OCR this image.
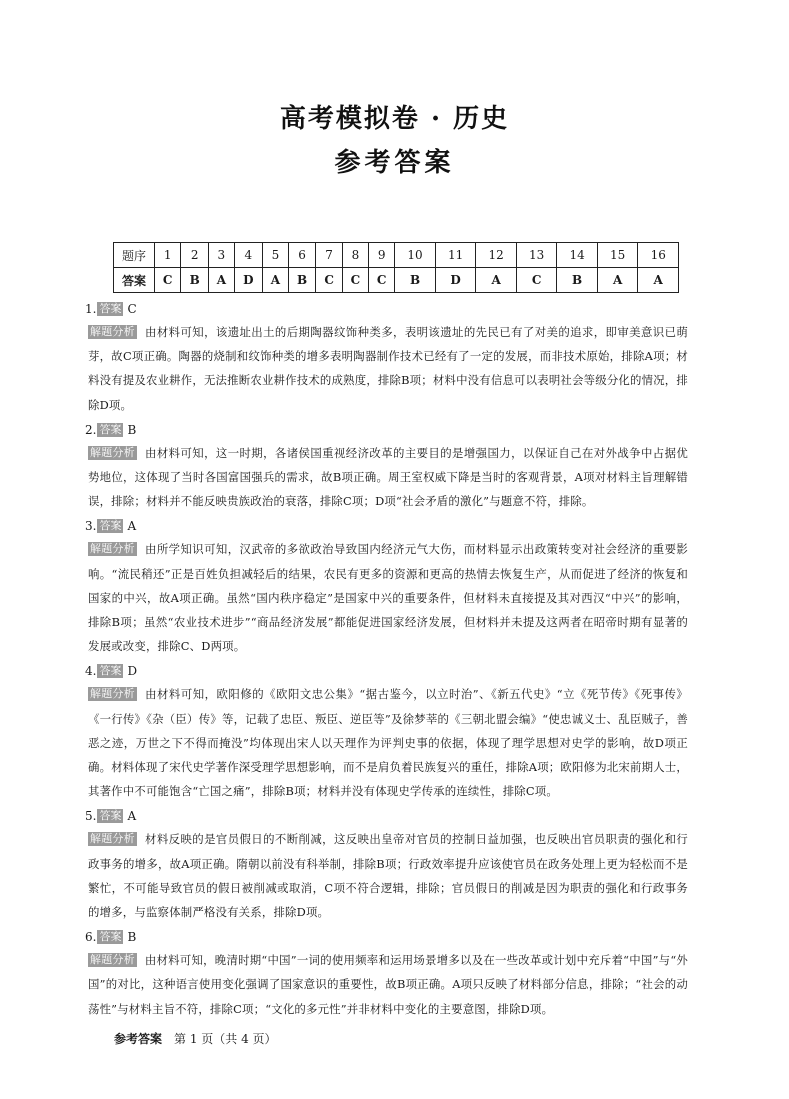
高考模拟卷 · 历史
参考答案
题序	1	2	3	4	5	6	7	8	9	10	11	12	13	14	15	16
答案	C	B	A	D	A	B	C	C	C	B	D	A	C	B	A	A
1. 答案 C
解题分析 由材料可知，该遗址出土的后期陶器纹饰种类多，表明该遗址的先民已有了对美的追求，即审美意识已萌芽，故C项正确。陶器的烧制和纹饰种类的增多表明陶器制作技术已经有了一定的发展，而非技术原始，排除A项；材料没有提及农业耕作，无法推断农业耕作技术的成熟度，排除B项；材料中没有信息可以表明社会等级分化的情况，排除D项。
2. 答案 B
解题分析 由材料可知，这一时期，各诸侯国重视经济改革的主要目的是增强国力，以保证自己在对外战争中占据优势地位，这体现了当时各国富国强兵的需求，故B项正确。周王室权威下降是当时的客观背景，A项对材料主旨理解错误，排除；材料并不能反映贵族政治的衰落，排除C项；D项“社会矛盾的激化”与题意不符，排除。
3. 答案 A
解题分析 由所学知识可知，汉武帝的多欲政治导致国内经济元气大伤，而材料显示出政策转变对社会经济的重要影响。“流民稍还”正是百姓负担减轻后的结果，农民有更多的资源和更高的热情去恢复生产，从而促进了经济的恢复和国家的中兴，故A项正确。虽然“国内秩序稳定”是国家中兴的重要条件，但材料未直接提及其对西汉“中兴”的影响，排除B项；虽然“农业技术进步”“商品经济发展”都能促进国家经济发展，但材料并未提及这两者在昭帝时期有显著的发展或改变，排除C、D两项。
4. 答案 D
解题分析 由材料可知，欧阳修的《欧阳文忠公集》“据古鉴今，以立时治”、《新五代史》“立《死节传》《死事传》《一行传》《杂（臣）传》等，记载了忠臣、叛臣、逆臣等”及徐梦莘的《三朝北盟会编》“使忠诚义士、乱臣贼子，善恶之迹，万世之下不得而掩没”均体现出宋人以天理作为评判史事的依据，体现了理学思想对史学的影响，故D项正确。材料体现了宋代史学著作深受理学思想影响，而不是肩负着民族复兴的重任，排除A项；欧阳修为北宋前期人士，其著作中不可能饱含“亡国之痛”，排除B项；材料并没有体现史学传承的连续性，排除C项。
5. 答案 A
解题分析 材料反映的是官员假日的不断削减，这反映出皇帝对官员的控制日益加强，也反映出官员职责的强化和行政事务的增多，故A项正确。隋朝以前没有科举制，排除B项；行政效率提升应该使官员在政务处理上更为轻松而不是繁忙，不可能导致官员的假日被削减或取消，C项不符合逻辑，排除；官员假日的削减是因为职责的强化和行政事务的增多，与监察体制严格没有关系，排除D项。
6. 答案 B
解题分析 由材料可知，晚清时期“中国”一词的使用频率和运用场景增多以及在一些改革或计划中充斥着“中国”与“外国”的对比，这种语言使用变化强调了国家意识的重要性，故B项正确。A项只反映了材料部分信息，排除；“社会的动荡性”与材料主旨不符，排除C项；“文化的多元性”并非材料中变化的主要意图，排除D项。
参考答案 第 1 页（共 4 页）
